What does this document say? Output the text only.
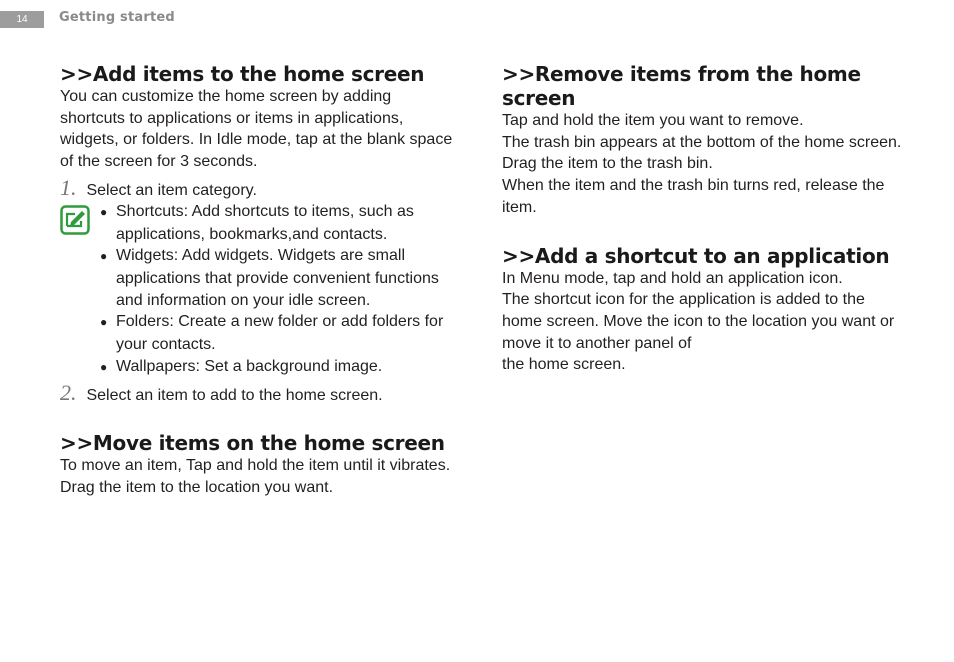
14	Getting started
>>Add items to the home screen

You can customize the home screen by adding shortcuts to applications or items in applications, widgets, or folders. In Idle mode, tap at the blank space of the screen for 3 seconds.

1. Select an item category.

● Shortcuts: Add shortcuts to items, such as applications, bookmarks,and contacts.

● Widgets: Add widgets. Widgets are small applications that provide convenient functions and information on your idle screen.

● Folders: Create a new folder or add folders for your contacts.

● Wallpapers: Set a background image.

2. Select an item to add to the home screen.
>>Move items on the home screen

To move an item, Tap and hold the item until it vibrates.

Drag the item to the location you want.

>>Remove items from the home screen

Tap and hold the item you want to remove.

The trash bin appears at the bottom of the home screen.

Drag the item to the trash bin.

When the item and the trash bin turns red, release the item.

>>Add a shortcut to an application

In Menu mode, tap and hold an application icon.

The shortcut icon for the application is added to the home screen. Move the icon to the location you want or move it to another panel of

the home screen.
